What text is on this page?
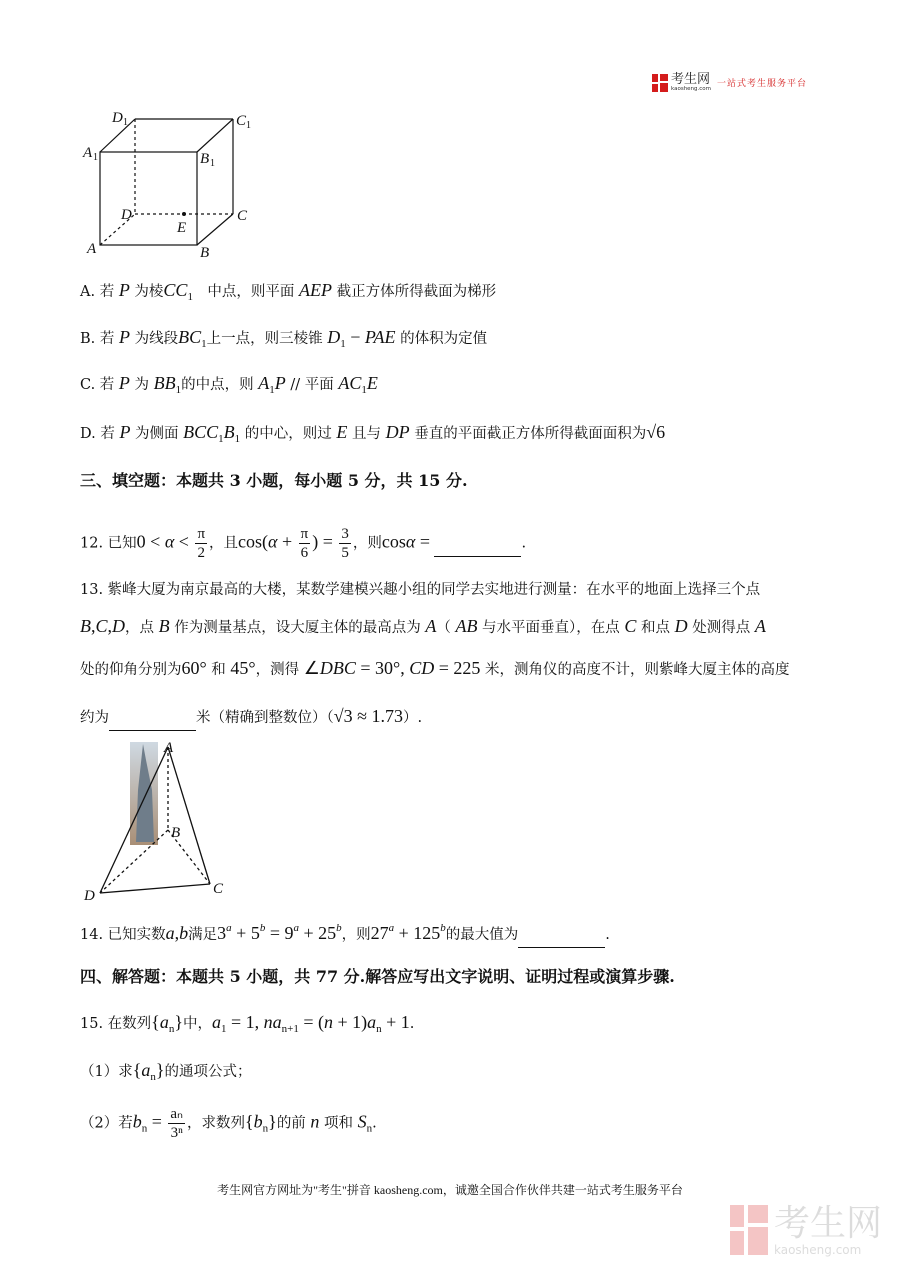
考生网
kaosheng.com 一站式考生服务平台
D 1	C 1
A 1	B 1
D	C
E
A	B
A. 若 P 为棱$CC_1$　中点，则平面 AEP 截正方体所得截面为梯形
B. 若 P 为线段$BC_1$上一点，则三棱锥 $D_1$ − PAE 的体积为定值
C. 若 P 为 $BB_1$的中点，则 $A_1P$ // 平面 $AC_1E$
D. 若 P 为侧面 $BCC_1B_1$ 的中心，则过 E 且与 DP 垂直的平面截正方体所得截面面积为√6
三、填空题：本题共 3 小题，每小题 5 分，共 15 分.
12. 已知$0 < \alpha < \frac{\pi}{2}$ ，且$\cos(\alpha + \frac{\pi}{6}$ ) = $\frac{3}{5}$ ，则cosα = 　　　　　　	.
13. 紫峰大厦为南京最高的大楼，某数学建模兴趣小组的同学去实地进行测量：在水平的地面上选择三个点
B,C,D，点 B 作为测量基点，设大厦主体的最高点为 A（ AB 与水平面垂直），在点 C 和点 D 处测得点 A
处的仰角分别为60° 和 45°，测得 ∠DBC = 30°, CD = 225 米，测角仪的高度不计，则紫峰大厦主体的高度
约为　　　　　　	米（精确到整数位）（√3 ≈ 1.73）.
A
B
C
D
14. 已知实数a,b满足$3^a + 5^b = 9^a + 25^b$，则$27^a + 125^b$的最大值为　　　　　　	.
四、解答题：本题共 5 小题，共 77 分.解答应写出文字说明、证明过程或演算步骤.
15. 在数列$\{a_n\}$中，$a_1 = 1$, $na_{n+1} = (n + 1)a_n + 1$.
（1）求$\{a_n\}$的通项公式；
（2）若$b_n = \frac{\text{aₙ}}{\text{3ⁿ}}$ ，求数列$\{b_n\}$的前 n 项和 $S_n$.
考生网官方网址为"考生"拼音 kaosheng.com，诚邀全国合作伙伴共建一站式考生服务平台
考生网
kaosheng.com
